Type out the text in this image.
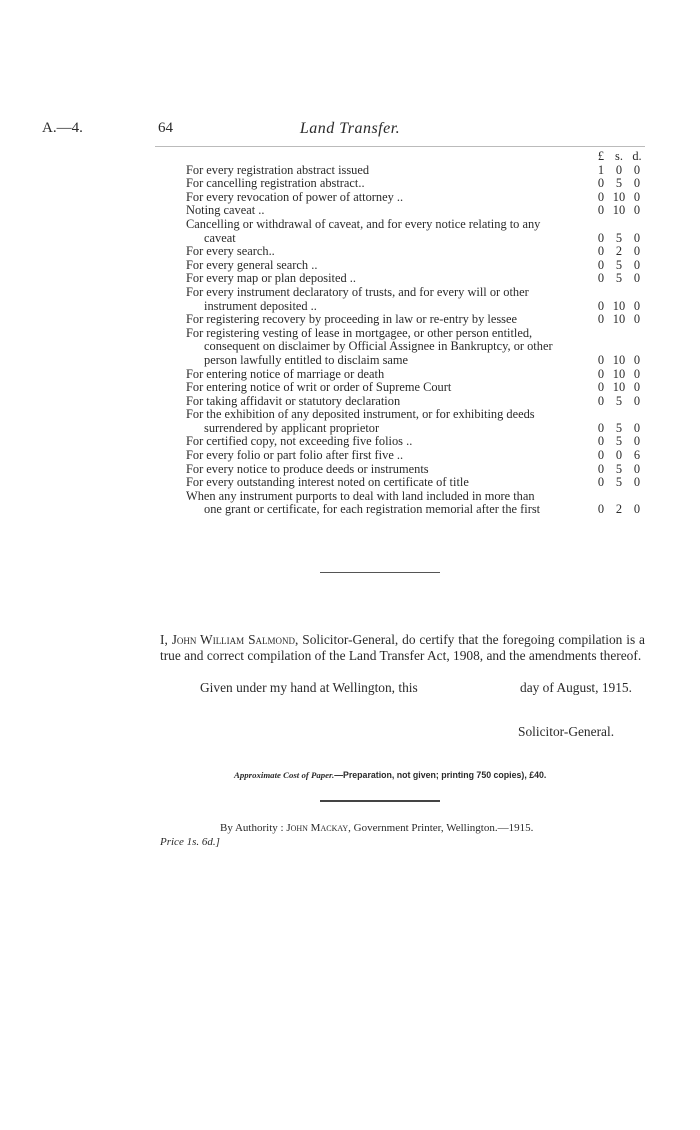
A.—4.	64	Land Transfer.
£ s. d.
For every registration abstract issued	1 0 0
For cancelling registration abstract..	0 5 0
For every revocation of power of attorney ..	0 10 0
Noting caveat ..	0 10 0
Cancelling or withdrawal of caveat, and for every notice relating to any
caveat	0 5 0
For every search..	0 2 0
For every general search ..	0 5 0
For every map or plan deposited ..	0 5 0
For every instrument declaratory of trusts, and for every will or other
instrument deposited ..	0 10 0
For registering recovery by proceeding in law or re-entry by lessee	0 10 0
For registering vesting of lease in mortgagee, or other person entitled,
consequent on disclaimer by Official Assignee in Bankruptcy, or other
person lawfully entitled to disclaim same	0 10 0
For entering notice of marriage or death	0 10 0
For entering notice of writ or order of Supreme Court	0 10 0
For taking affidavit or statutory declaration	0 5 0
For the exhibition of any deposited instrument, or for exhibiting deeds
surrendered by applicant proprietor	0 5 0
For certified copy, not exceeding five folios ..	0 5 0
For every folio or part folio after first five ..	0 0 6
For every notice to produce deeds or instruments	0 5 0
For every outstanding interest noted on certificate of title	0 5 0
When any instrument purports to deal with land included in more than
one grant or certificate, for each registration memorial after the first	0 2 0
I, John William Salmond, Solicitor-General, do certify that the foregoing compilation is a true and correct compilation of the Land Transfer Act, 1908, and the amendments thereof.
Given under my hand at Wellington, this	day of August, 1915.
Solicitor-General.
Approximate Cost of Paper.—Preparation, not given; printing 750 copies), £40.
By Authority : John Mackay, Government Printer, Wellington.—1915.
Price 1s. 6d.]
